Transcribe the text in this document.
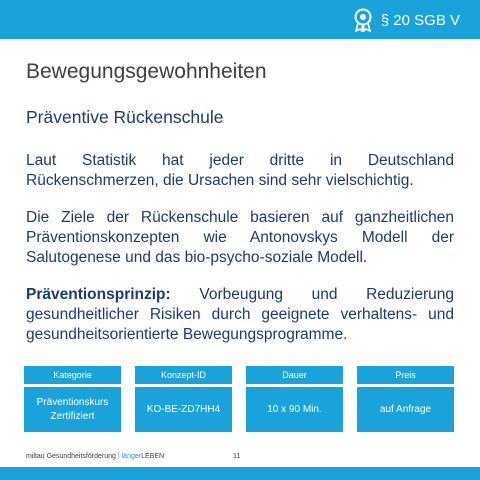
§ 20 SGB V
Bewegungsgewohnheiten
Präventive Rückenschule

Laut Statistik hat jeder dritte in Deutschland Rückenschmerzen, die Ursachen sind sehr vielschichtig.

Die Ziele der Rückenschule basieren auf ganzheitlichen Präventionskonzepten wie Antonovskys Modell der Salutogenese und das bio-psycho-soziale Modell.

Präventionsprinzip: Vorbeugung und Reduzierung gesundheitlicher Risiken durch geeignete verhaltens- und gesundheitsorientierte Bewegungsprogramme.

Kategorie
Präventionskurs
Zertifiziert
Konzept-ID
KO-BE-ZD7HH4
Dauer
10 x 90 Min.
Preis
auf Anfrage
miltau Gesundheitsförderung | längerLEBEN	11
